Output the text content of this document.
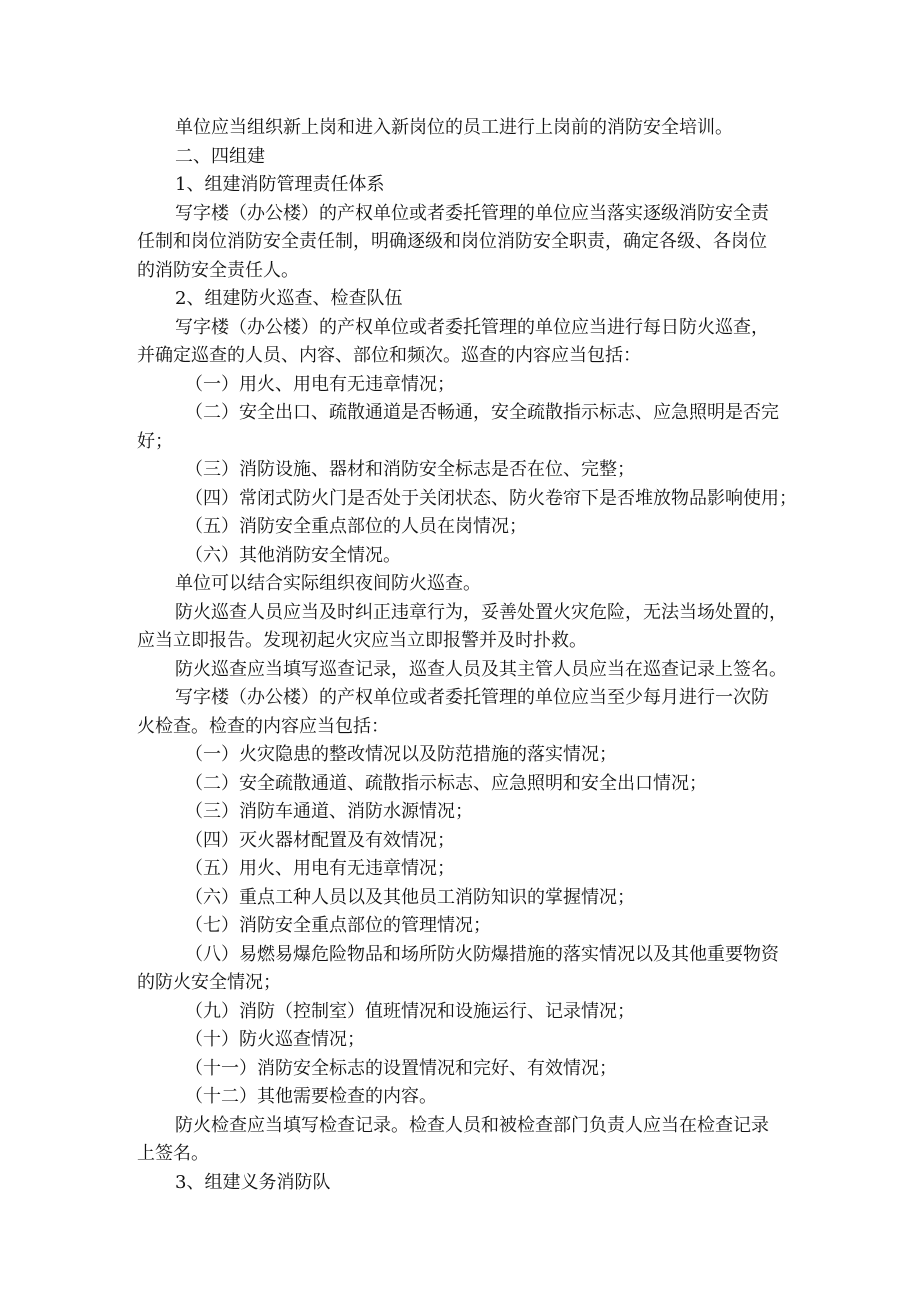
单位应当组织新上岗和进入新岗位的员工进行上岗前的消防安全培训。
二、四组建
1、组建消防管理责任体系
写字楼（办公楼）的产权单位或者委托管理的单位应当落实逐级消防安全责
任制和岗位消防安全责任制，明确逐级和岗位消防安全职责，确定各级、各岗位
的消防安全责任人。
2、组建防火巡查、检查队伍
写字楼（办公楼）的产权单位或者委托管理的单位应当进行每日防火巡查，
并确定巡查的人员、内容、部位和频次。巡查的内容应当包括：
（一）用火、用电有无违章情况；
（二）安全出口、疏散通道是否畅通，安全疏散指示标志、应急照明是否完
好；
（三）消防设施、器材和消防安全标志是否在位、完整；
（四）常闭式防火门是否处于关闭状态、防火卷帘下是否堆放物品影响使用；
（五）消防安全重点部位的人员在岗情况；
（六）其他消防安全情况。
单位可以结合实际组织夜间防火巡查。
防火巡查人员应当及时纠正违章行为，妥善处置火灾危险，无法当场处置的，
应当立即报告。发现初起火灾应当立即报警并及时扑救。
防火巡查应当填写巡查记录，巡查人员及其主管人员应当在巡查记录上签名。
写字楼（办公楼）的产权单位或者委托管理的单位应当至少每月进行一次防
火检查。检查的内容应当包括：
（一）火灾隐患的整改情况以及防范措施的落实情况；
（二）安全疏散通道、疏散指示标志、应急照明和安全出口情况；
（三）消防车通道、消防水源情况；
（四）灭火器材配置及有效情况；
（五）用火、用电有无违章情况；
（六）重点工种人员以及其他员工消防知识的掌握情况；
（七）消防安全重点部位的管理情况；
（八）易燃易爆危险物品和场所防火防爆措施的落实情况以及其他重要物资
的防火安全情况；
（九）消防（控制室）值班情况和设施运行、记录情况；
（十）防火巡查情况；
（十一）消防安全标志的设置情况和完好、有效情况；
（十二）其他需要检查的内容。
防火检查应当填写检查记录。检查人员和被检查部门负责人应当在检查记录
上签名。
3、组建义务消防队
